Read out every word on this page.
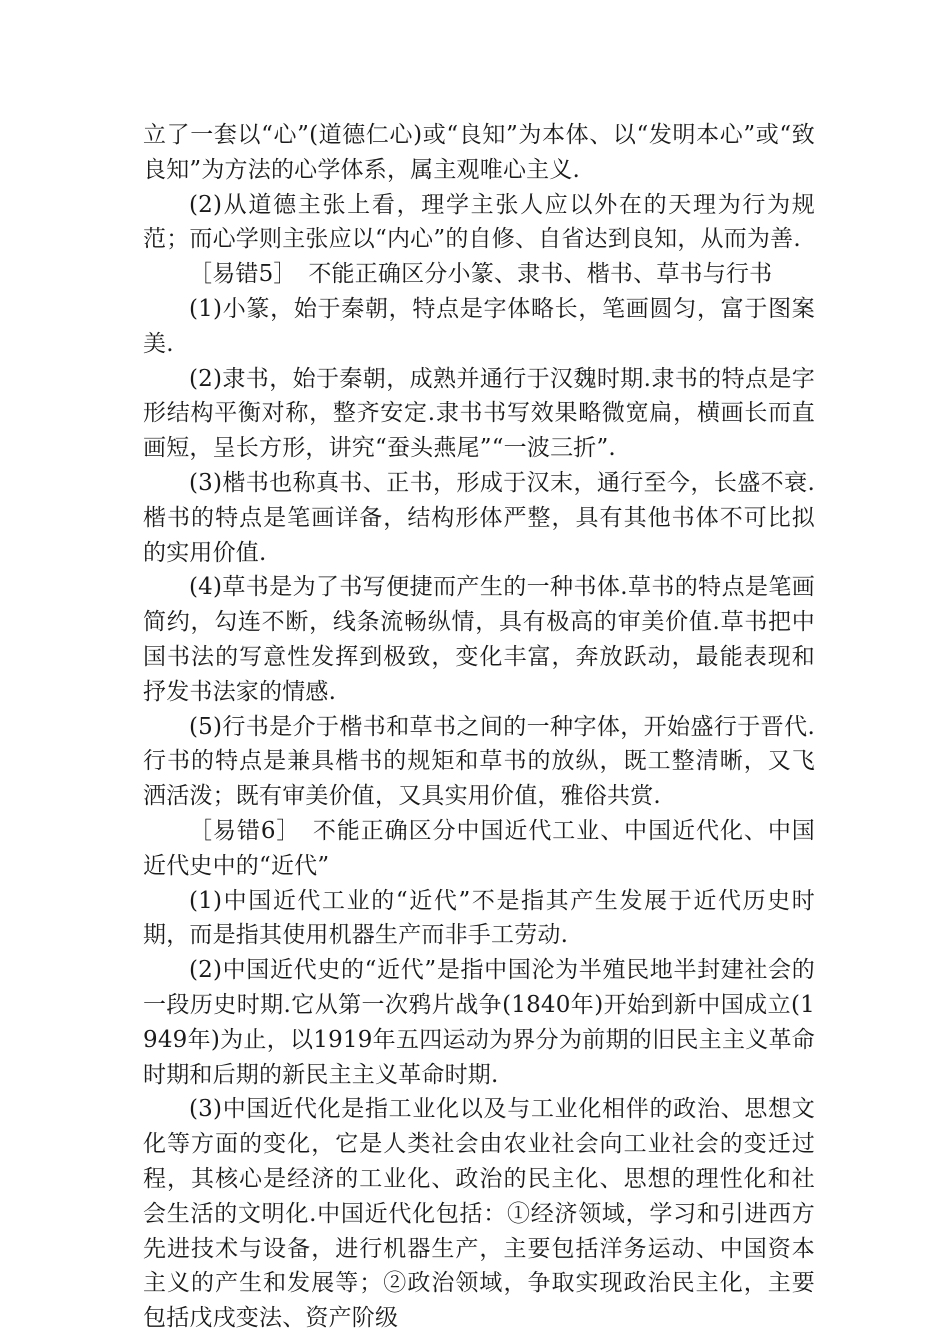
立了一套以“心”(道德仁心)或“良知”为本体、以“发明本心”或“致良知”为方法的心学体系，属主观唯心主义.

(2)从道德主张上看，理学主张人应以外在的天理为行为规范；而心学则主张应以“内心”的自修、自省达到良知，从而为善.

［易错5］　不能正确区分小篆、隶书、楷书、草书与行书

(1)小篆，始于秦朝，特点是字体略长，笔画圆匀，富于图案美.

(2)隶书，始于秦朝，成熟并通行于汉魏时期.隶书的特点是字形结构平衡对称，整齐安定.隶书书写效果略微宽扁，横画长而直画短，呈长方形，讲究“蚕头燕尾”“一波三折”.

(3)楷书也称真书、正书，形成于汉末，通行至今，长盛不衰.楷书的特点是笔画详备，结构形体严整，具有其他书体不可比拟的实用价值.

(4)草书是为了书写便捷而产生的一种书体.草书的特点是笔画简约，勾连不断，线条流畅纵情，具有极高的审美价值.草书把中国书法的写意性发挥到极致，变化丰富，奔放跃动，最能表现和抒发书法家的情感.

(5)行书是介于楷书和草书之间的一种字体，开始盛行于晋代.行书的特点是兼具楷书的规矩和草书的放纵，既工整清晰，又飞洒活泼；既有审美价值，又具实用价值，雅俗共赏.

［易错6］　不能正确区分中国近代工业、中国近代化、中国近代史中的“近代”

(1)中国近代工业的“近代”不是指其产生发展于近代历史时期，而是指其使用机器生产而非手工劳动.

(2)中国近代史的“近代”是指中国沦为半殖民地半封建社会的一段历史时期.它从第一次鸦片战争(1840年)开始到新中国成立(1949年)为止，以1919年五四运动为界分为前期的旧民主主义革命时期和后期的新民主主义革命时期.

(3)中国近代化是指工业化以及与工业化相伴的政治、思想文化等方面的变化，它是人类社会由农业社会向工业社会的变迁过程，其核心是经济的工业化、政治的民主化、思想的理性化和社会生活的文明化.中国近代化包括：①经济领域，学习和引进西方先进技术与设备，进行机器生产，主要包括洋务运动、中国资本主义的产生和发展等；②政治领域，争取实现政治民主化，主要包括戊戌变法、资产阶级
